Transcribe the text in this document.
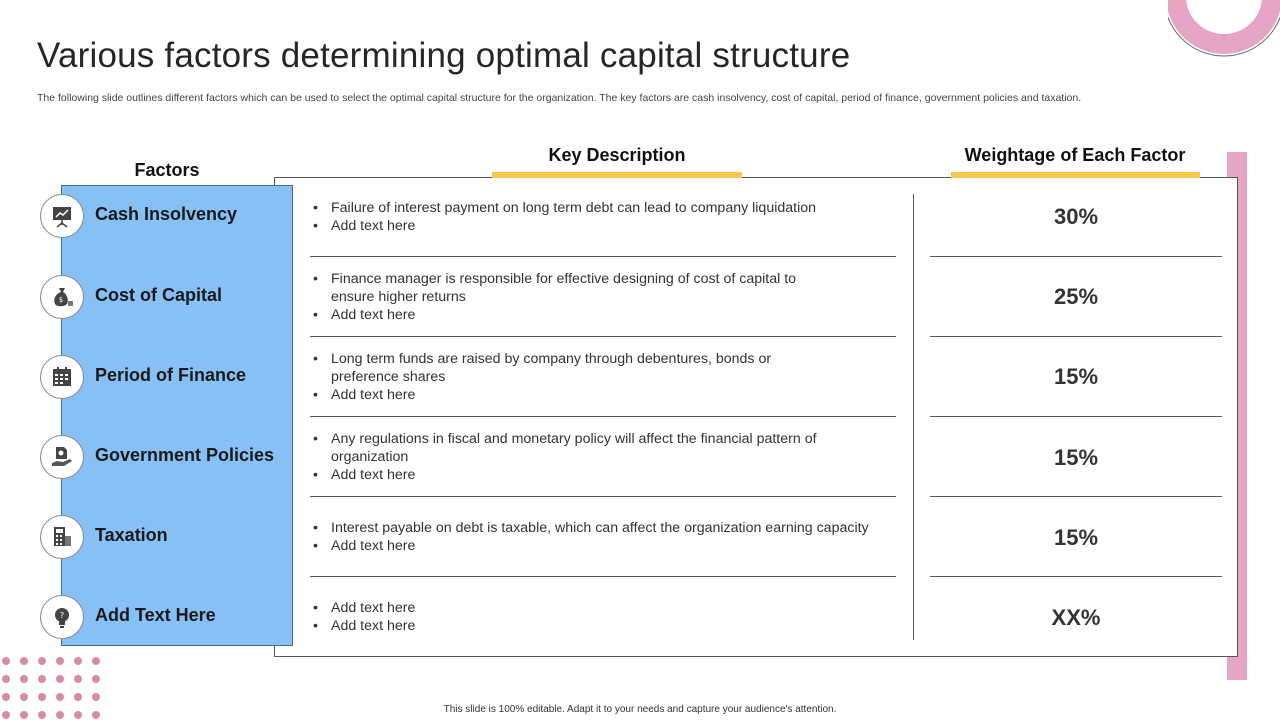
Various factors determining optimal capital structure

The following slide outlines different factors which can be used to select the optimal capital structure for the organization. The key factors are cash insolvency, cost of capital, period of finance, government policies and taxation.

Factors
Cash Insolvency
$ Cost of Capital
Period of Finance
Government Policies
Taxation
? Add Text Here
Key Description	Weightage of Each Factor
• Failure of interest payment on long term debt can lead to company liquidation
• Add text here
• Finance manager is responsible for effective designing of cost of capital to ensure higher returns
• Add text here
• Long term funds are raised by company through debentures, bonds or preference shares
• Add text here
• Any regulations in fiscal and monetary policy will affect the financial pattern of organization
• Add text here
• Interest payable on debt is taxable, which can affect the organization earning capacity
• Add text here
• Add text here
• Add text here
30%
25%
15%
15%
15%
XX%
This slide is 100% editable. Adapt it to your needs and capture your audience's attention.
